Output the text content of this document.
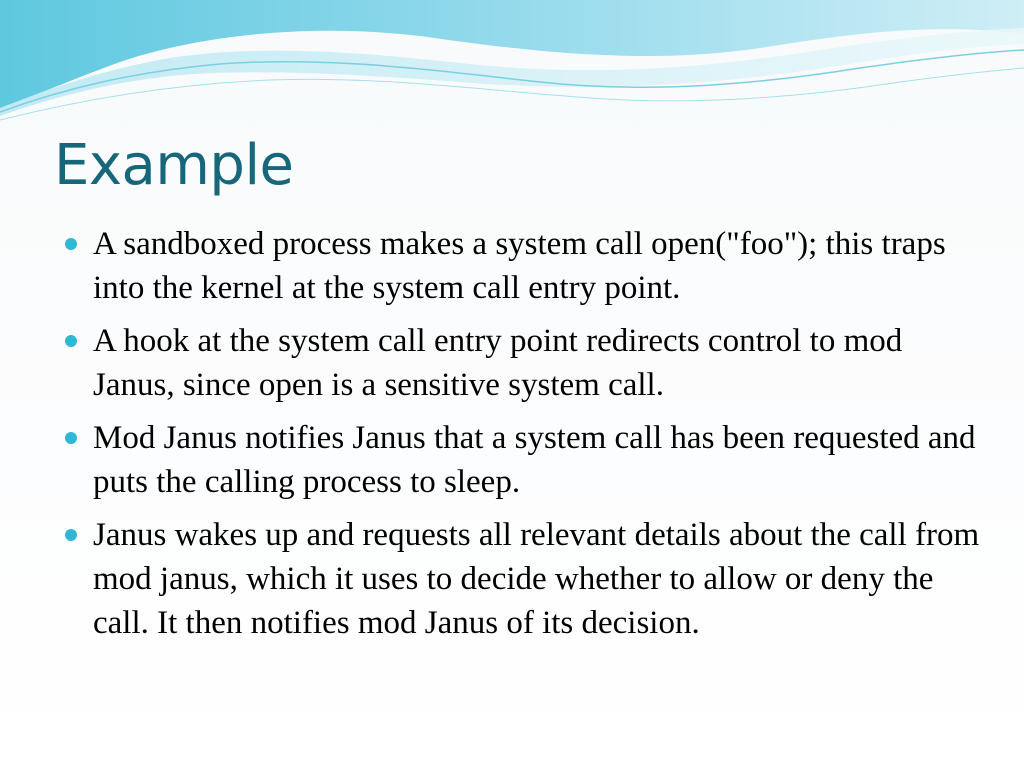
Example
A sandboxed process makes a system call open("foo"); this traps into the kernel at the system call entry point.
A hook at the system call entry point redirects control to mod Janus, since open is a sensitive system call.
Mod Janus notifies Janus that a system call has been requested and puts the calling process to sleep.
Janus wakes up and requests all relevant details about the call from mod janus, which it uses to decide whether to allow or deny the call. It then notifies mod Janus of its decision.
